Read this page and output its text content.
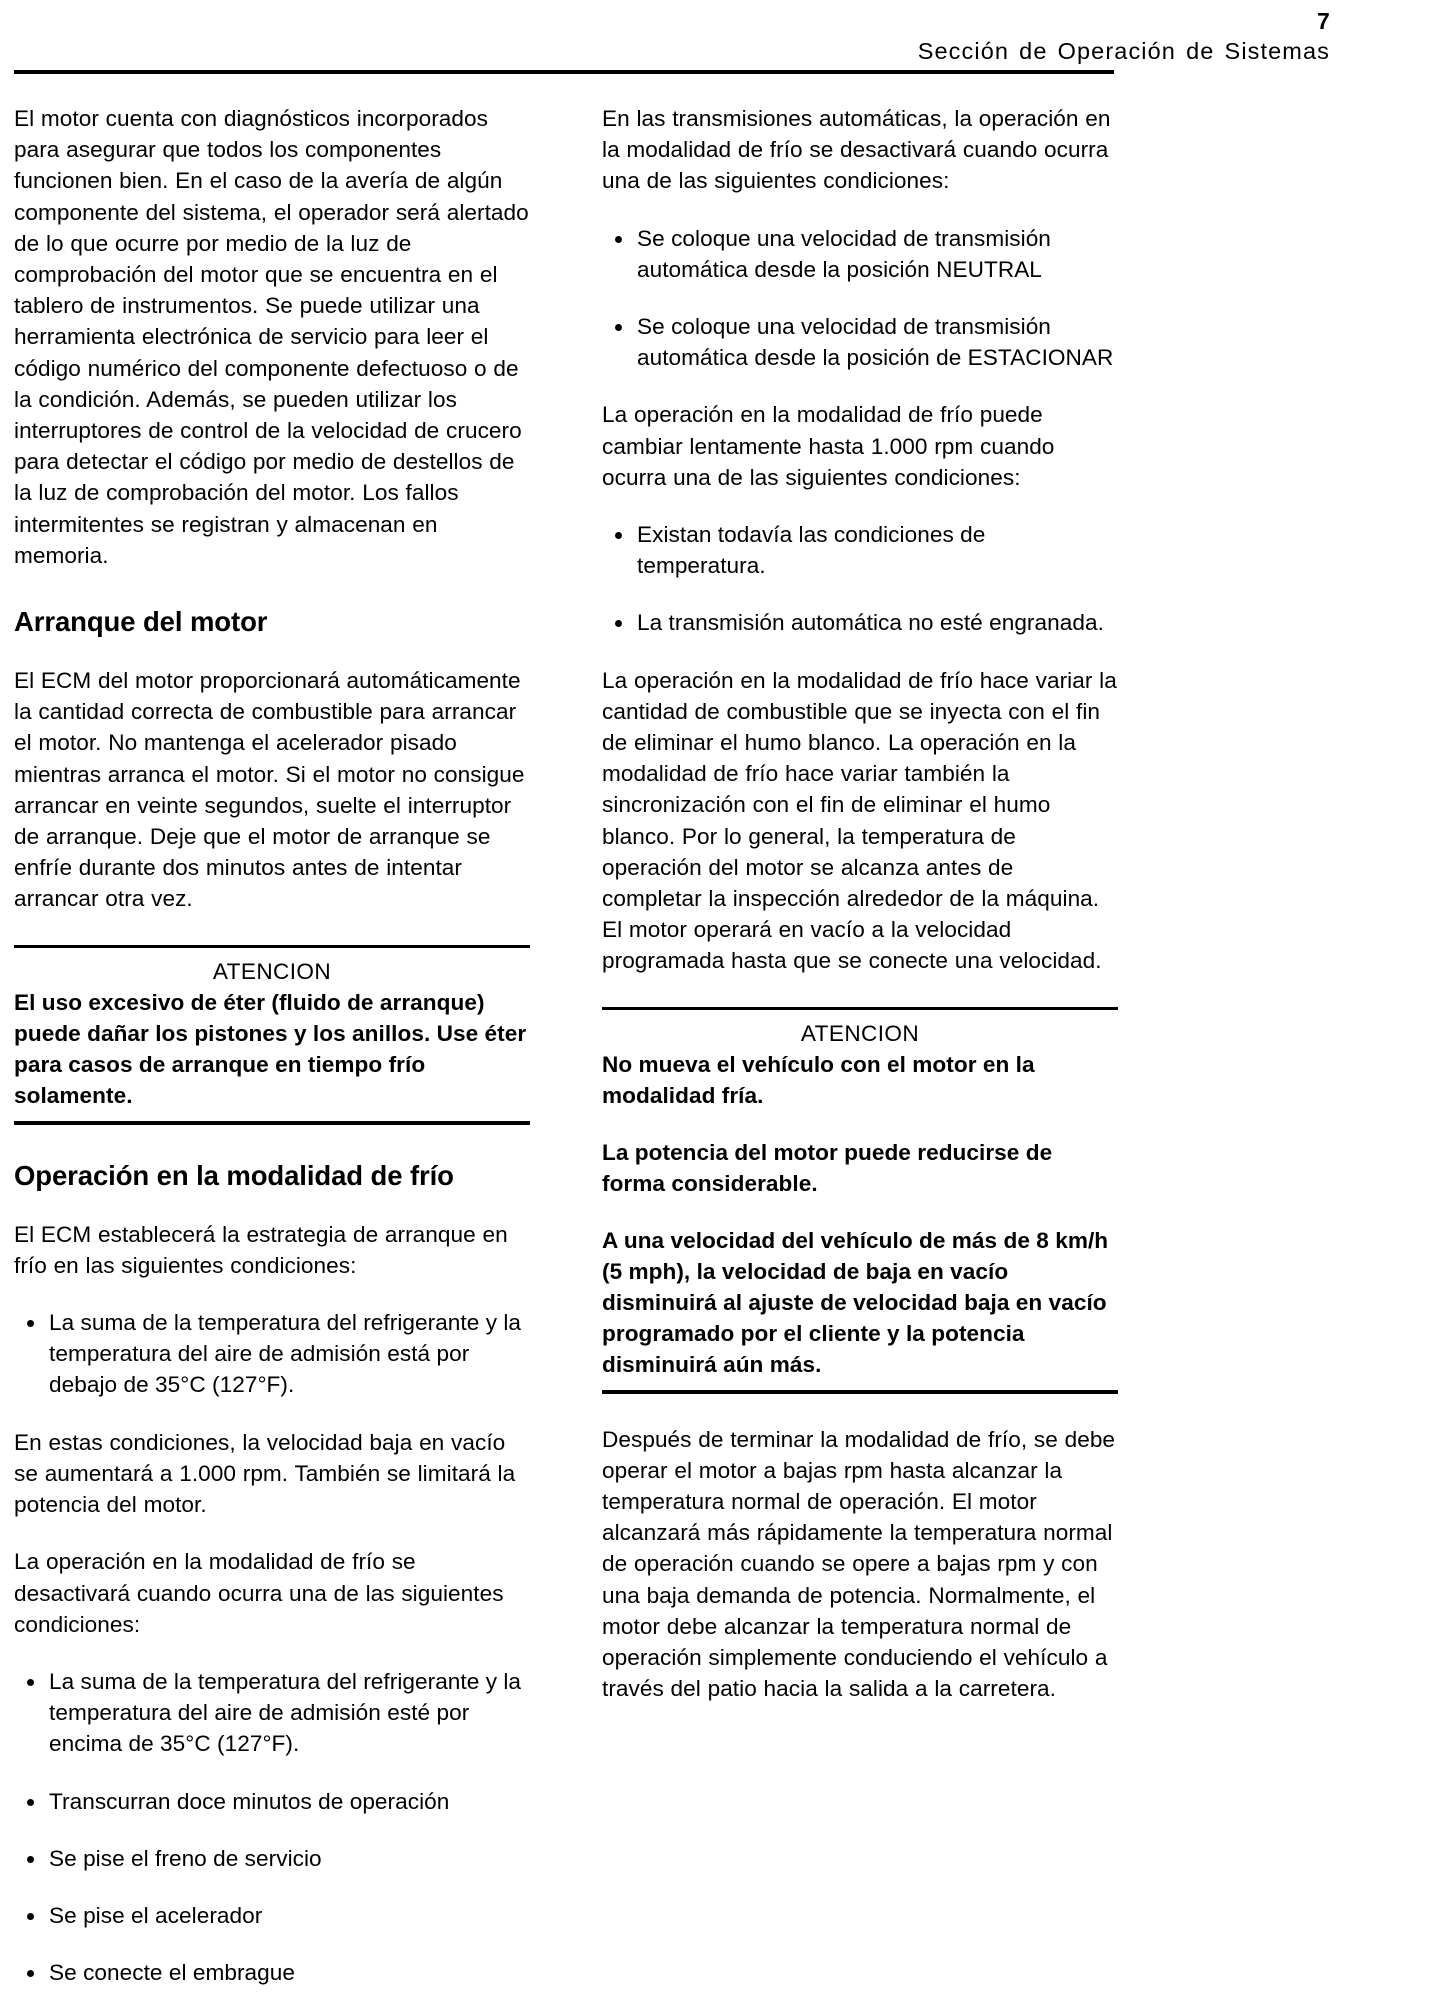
7
Sección de Operación de Sistemas

El motor cuenta con diagnósticos incorporados para asegurar que todos los componentes funcionen bien. En el caso de la avería de algún componente del sistema, el operador será alertado de lo que ocurre por medio de la luz de comprobación del motor que se encuentra en el tablero de instrumentos. Se puede utilizar una herramienta electrónica de servicio para leer el código numérico del componente defectuoso o de la condición. Además, se pueden utilizar los interruptores de control de la velocidad de crucero para detectar el código por medio de destellos de la luz de comprobación del motor. Los fallos intermitentes se registran y almacenan en memoria.

Arranque del motor

El ECM del motor proporcionará automáticamente la cantidad correcta de combustible para arrancar el motor. No mantenga el acelerador pisado mientras arranca el motor. Si el motor no consigue arrancar en veinte segundos, suelte el interruptor de arranque. Deje que el motor de arranque se enfríe durante dos minutos antes de intentar arrancar otra vez.

ATENCION

El uso excesivo de éter (fluido de arranque) puede dañar los pistones y los anillos. Use éter para casos de arranque en tiempo frío solamente.

Operación en la modalidad de frío

El ECM establecerá la estrategia de arranque en frío en las siguientes condiciones:

La suma de la temperatura del refrigerante y la temperatura del aire de admisión está por debajo de 35°C (127°F).

En estas condiciones, la velocidad baja en vacío se aumentará a 1.000 rpm. También se limitará la potencia del motor.

La operación en la modalidad de frío se desactivará cuando ocurra una de las siguientes condiciones:

La suma de la temperatura del refrigerante y la temperatura del aire de admisión esté por encima de 35°C (127°F).
Transcurran doce minutos de operación
Se pise el freno de servicio
Se pise el acelerador
Se conecte el embrague

En las transmisiones automáticas, la operación en la modalidad de frío se desactivará cuando ocurra una de las siguientes condiciones:

Se coloque una velocidad de transmisión automática desde la posición NEUTRAL
Se coloque una velocidad de transmisión automática desde la posición de ESTACIONAR

La operación en la modalidad de frío puede cambiar lentamente hasta 1.000 rpm cuando ocurra una de las siguientes condiciones:

Existan todavía las condiciones de temperatura.
La transmisión automática no esté engranada.

La operación en la modalidad de frío hace variar la cantidad de combustible que se inyecta con el fin de eliminar el humo blanco. La operación en la modalidad de frío hace variar también la sincronización con el fin de eliminar el humo blanco. Por lo general, la temperatura de operación del motor se alcanza antes de completar la inspección alrededor de la máquina. El motor operará en vacío a la velocidad programada hasta que se conecte una velocidad.

ATENCION

No mueva el vehículo con el motor en la modalidad fría.

La potencia del motor puede reducirse de forma considerable.

A una velocidad del vehículo de más de 8 km/h (5 mph), la velocidad de baja en vacío disminuirá al ajuste de velocidad baja en vacío programado por el cliente y la potencia disminuirá aún más.

Después de terminar la modalidad de frío, se debe operar el motor a bajas rpm hasta alcanzar la temperatura normal de operación. El motor alcanzará más rápidamente la temperatura normal de operación cuando se opere a bajas rpm y con una baja demanda de potencia. Normalmente, el motor debe alcanzar la temperatura normal de operación simplemente conduciendo el vehículo a través del patio hacia la salida a la carretera.
